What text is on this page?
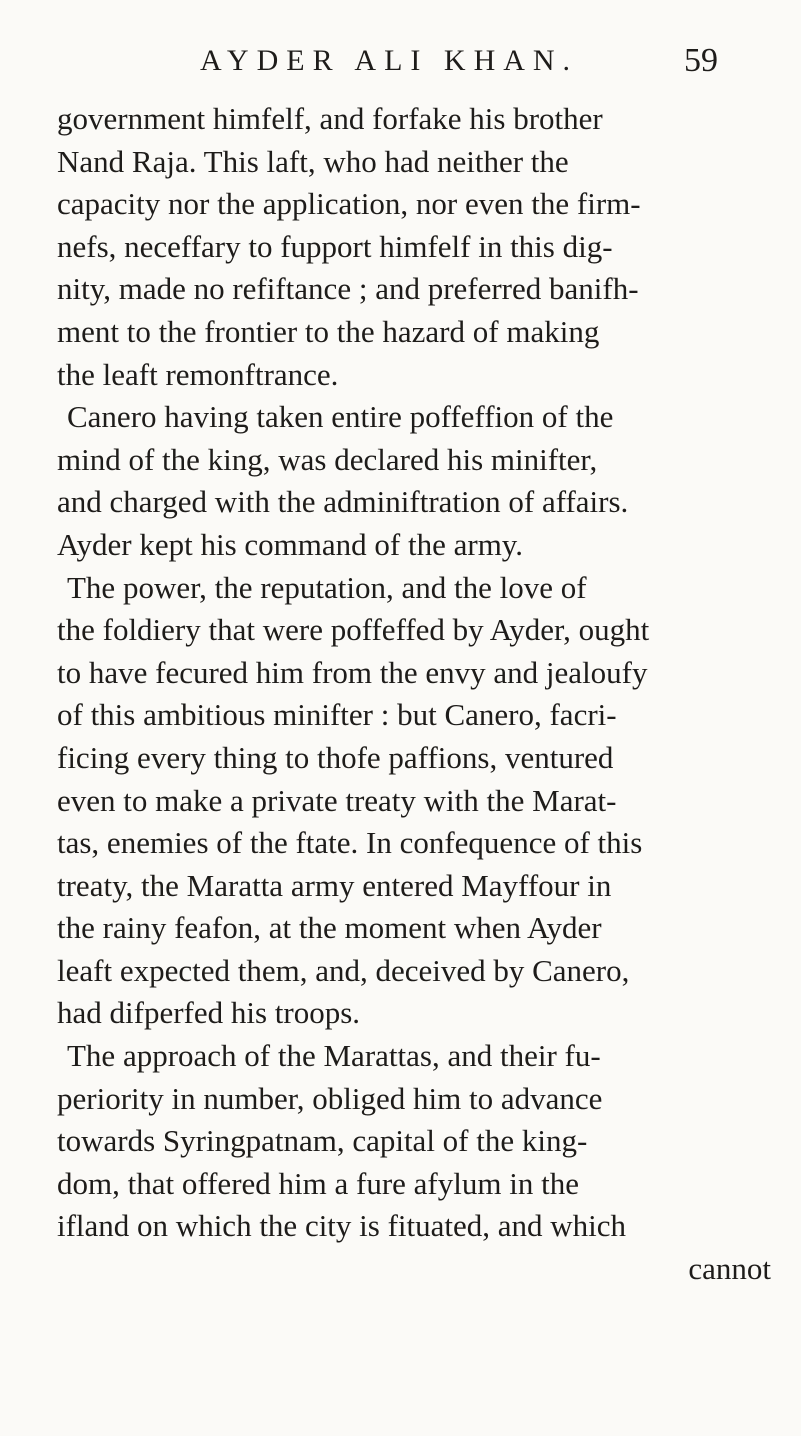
AYDER ALI KHAN.	59
government himfelf, and forfake his brother
Nand Raja. This laft, who had neither the
capacity nor the application, nor even the firm-
nefs, neceffary to fupport himfelf in this dig-
nity, made no refiftance ; and preferred banifh-
ment to the frontier to the hazard of making
the leaft remonftrance.
Canero having taken entire poffeffion of the
mind of the king, was declared his minifter,
and charged with the adminiftration of affairs.
Ayder kept his command of the army.
The power, the reputation, and the love of
the foldiery that were poffeffed by Ayder, ought
to have fecured him from the envy and jealoufy
of this ambitious minifter : but Canero, facri-
ficing every thing to thofe paffions, ventured
even to make a private treaty with the Marat-
tas, enemies of the ftate. In confequence of this
treaty, the Maratta army entered Mayffour in
the rainy feafon, at the moment when Ayder
leaft expected them, and, deceived by Canero,
had difperfed his troops.
The approach of the Marattas, and their fu-
periority in number, obliged him to advance
towards Syringpatnam, capital of the king-
dom, that offered him a fure afylum in the
ifland on which the city is fituated, and which
cannot
